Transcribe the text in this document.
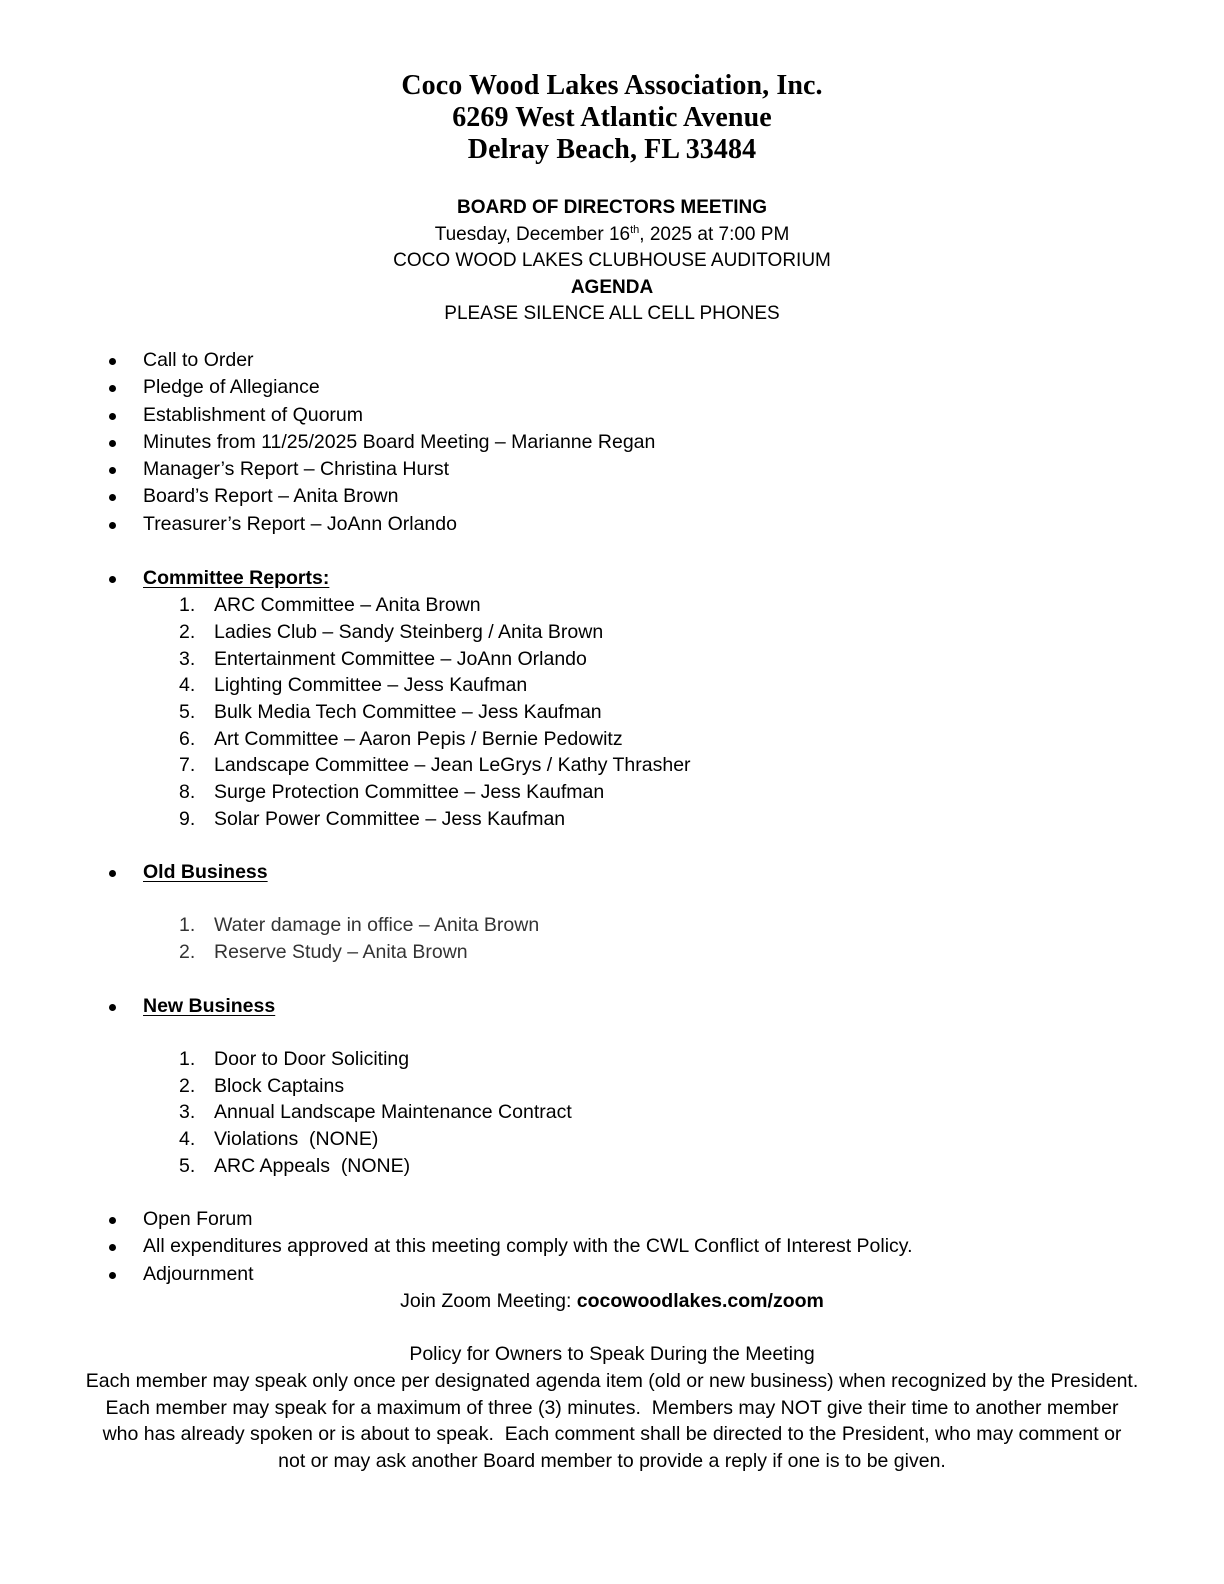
Coco Wood Lakes Association, Inc.
6269 West Atlantic Avenue
Delray Beach, FL 33484
BOARD OF DIRECTORS MEETING
Tuesday, December 16th, 2025 at 7:00 PM
COCO WOOD LAKES CLUBHOUSE AUDITORIUM
AGENDA
PLEASE SILENCE ALL CELL PHONES
Call to Order
Pledge of Allegiance
Establishment of Quorum
Minutes from 11/25/2025 Board Meeting – Marianne Regan
Manager’s Report – Christina Hurst
Board’s Report – Anita Brown
Treasurer’s Report – JoAnn Orlando
Committee Reports:
1. ARC Committee – Anita Brown
2. Ladies Club – Sandy Steinberg / Anita Brown
3. Entertainment Committee – JoAnn Orlando
4. Lighting Committee – Jess Kaufman
5. Bulk Media Tech Committee – Jess Kaufman
6. Art Committee – Aaron Pepis / Bernie Pedowitz
7. Landscape Committee – Jean LeGrys / Kathy Thrasher
8. Surge Protection Committee – Jess Kaufman
9. Solar Power Committee – Jess Kaufman
Old Business
1. Water damage in office – Anita Brown
2. Reserve Study – Anita Brown
New Business
1. Door to Door Soliciting
2. Block Captains
3. Annual Landscape Maintenance Contract
4. Violations  (NONE)
5. ARC Appeals  (NONE)
Open Forum
All expenditures approved at this meeting comply with the CWL Conflict of Interest Policy.
Adjournment
Join Zoom Meeting: cocowoodlakes.com/zoom
Policy for Owners to Speak During the Meeting
Each member may speak only once per designated agenda item (old or new business) when recognized by the President.
Each member may speak for a maximum of three (3) minutes.  Members may NOT give their time to another member
who has already spoken or is about to speak.  Each comment shall be directed to the President, who may comment or
not or may ask another Board member to provide a reply if one is to be given.
